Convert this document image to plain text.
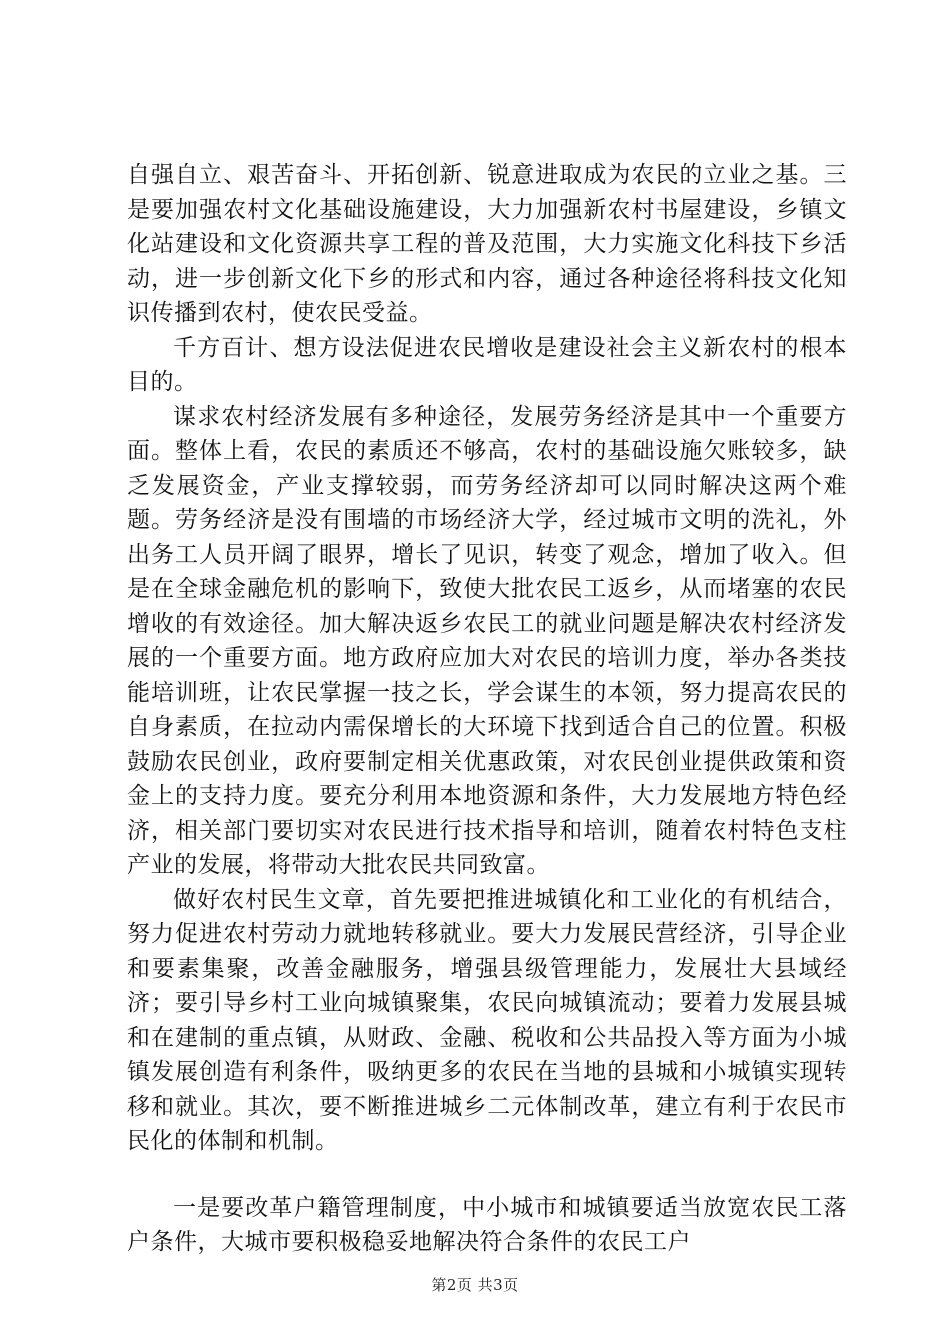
自强自立、艰苦奋斗、开拓创新、锐意进取成为农民的立业之基。三是要加强农村文化基础设施建设，大力加强新农村书屋建设，乡镇文化站建设和文化资源共享工程的普及范围，大力实施文化科技下乡活动，进一步创新文化下乡的形式和内容，通过各种途径将科技文化知识传播到农村，使农民受益。

千方百计、想方设法促进农民增收是建设社会主义新农村的根本目的。

谋求农村经济发展有多种途径，发展劳务经济是其中一个重要方面。整体上看，农民的素质还不够高，农村的基础设施欠账较多，缺乏发展资金，产业支撑较弱，而劳务经济却可以同时解决这两个难题。劳务经济是没有围墙的市场经济大学，经过城市文明的洗礼，外出务工人员开阔了眼界，增长了见识，转变了观念，增加了收入。但是在全球金融危机的影响下，致使大批农民工返乡，从而堵塞的农民增收的有效途径。加大解决返乡农民工的就业问题是解决农村经济发展的一个重要方面。地方政府应加大对农民的培训力度，举办各类技能培训班，让农民掌握一技之长，学会谋生的本领，努力提高农民的自身素质，在拉动内需保增长的大环境下找到适合自己的位置。积极鼓励农民创业，政府要制定相关优惠政策，对农民创业提供政策和资金上的支持力度。要充分利用本地资源和条件，大力发展地方特色经济，相关部门要切实对农民进行技术指导和培训，随着农村特色支柱产业的发展，将带动大批农民共同致富。

做好农村民生文章，首先要把推进城镇化和工业化的有机结合，努力促进农村劳动力就地转移就业。要大力发展民营经济，引导企业和要素集聚，改善金融服务，增强县级管理能力，发展壮大县域经济；要引导乡村工业向城镇聚集，农民向城镇流动；要着力发展县城和在建制的重点镇，从财政、金融、税收和公共品投入等方面为小城镇发展创造有利条件，吸纳更多的农民在当地的县城和小城镇实现转移和就业。其次，要不断推进城乡二元体制改革，建立有利于农民市民化的体制和机制。

一是要改革户籍管理制度，中小城市和城镇要适当放宽农民工落户条件，大城市要积极稳妥地解决符合条件的农民工户

第2页 共3页
